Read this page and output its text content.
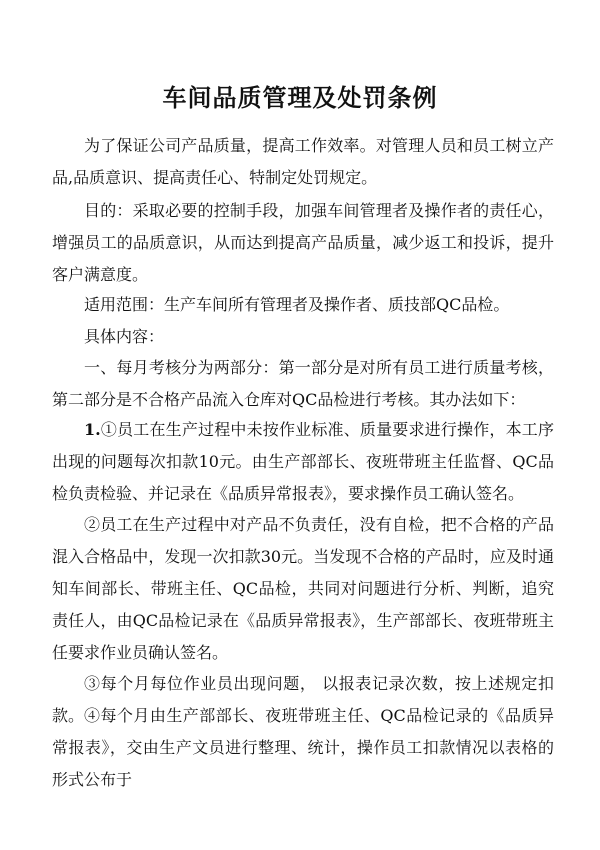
车间品质管理及处罚条例
为了保证公司产品质量，提高工作效率。对管理人员和员工树立产品,品质意识、提高责任心、特制定处罚规定。
目的：采取必要的控制手段，加强车间管理者及操作者的责任心，增强员工的品质意识，从而达到提高产品质量，减少返工和投诉，提升客户满意度。
适用范围：生产车间所有管理者及操作者、质技部QC品检。
具体内容：
一、每月考核分为两部分：第一部分是对所有员工进行质量考核，第二部分是不合格产品流入仓库对QC品检进行考核。其办法如下：
1.①员工在生产过程中未按作业标准、质量要求进行操作，本工序出现的问题每次扣款10元。由生产部部长、夜班带班主任监督、QC品检负责检验、并记录在《品质异常报表》，要求操作员工确认签名。
②员工在生产过程中对产品不负责任，没有自检，把不合格的产品混入合格品中，发现一次扣款30元。当发现不合格的产品时，应及时通知车间部长、带班主任、QC品检，共同对问题进行分析、判断，追究责任人，由QC品检记录在《品质异常报表》，生产部部长、夜班带班主任要求作业员确认签名。
③每个月每位作业员出现问题， 以报表记录次数，按上述规定扣款。 ④每个月由生产部部长、夜班带班主任、QC品检记录的《品质异常报表》，交由生产文员进行整理、统计，操作员工扣款情况以表格的形式公布于
